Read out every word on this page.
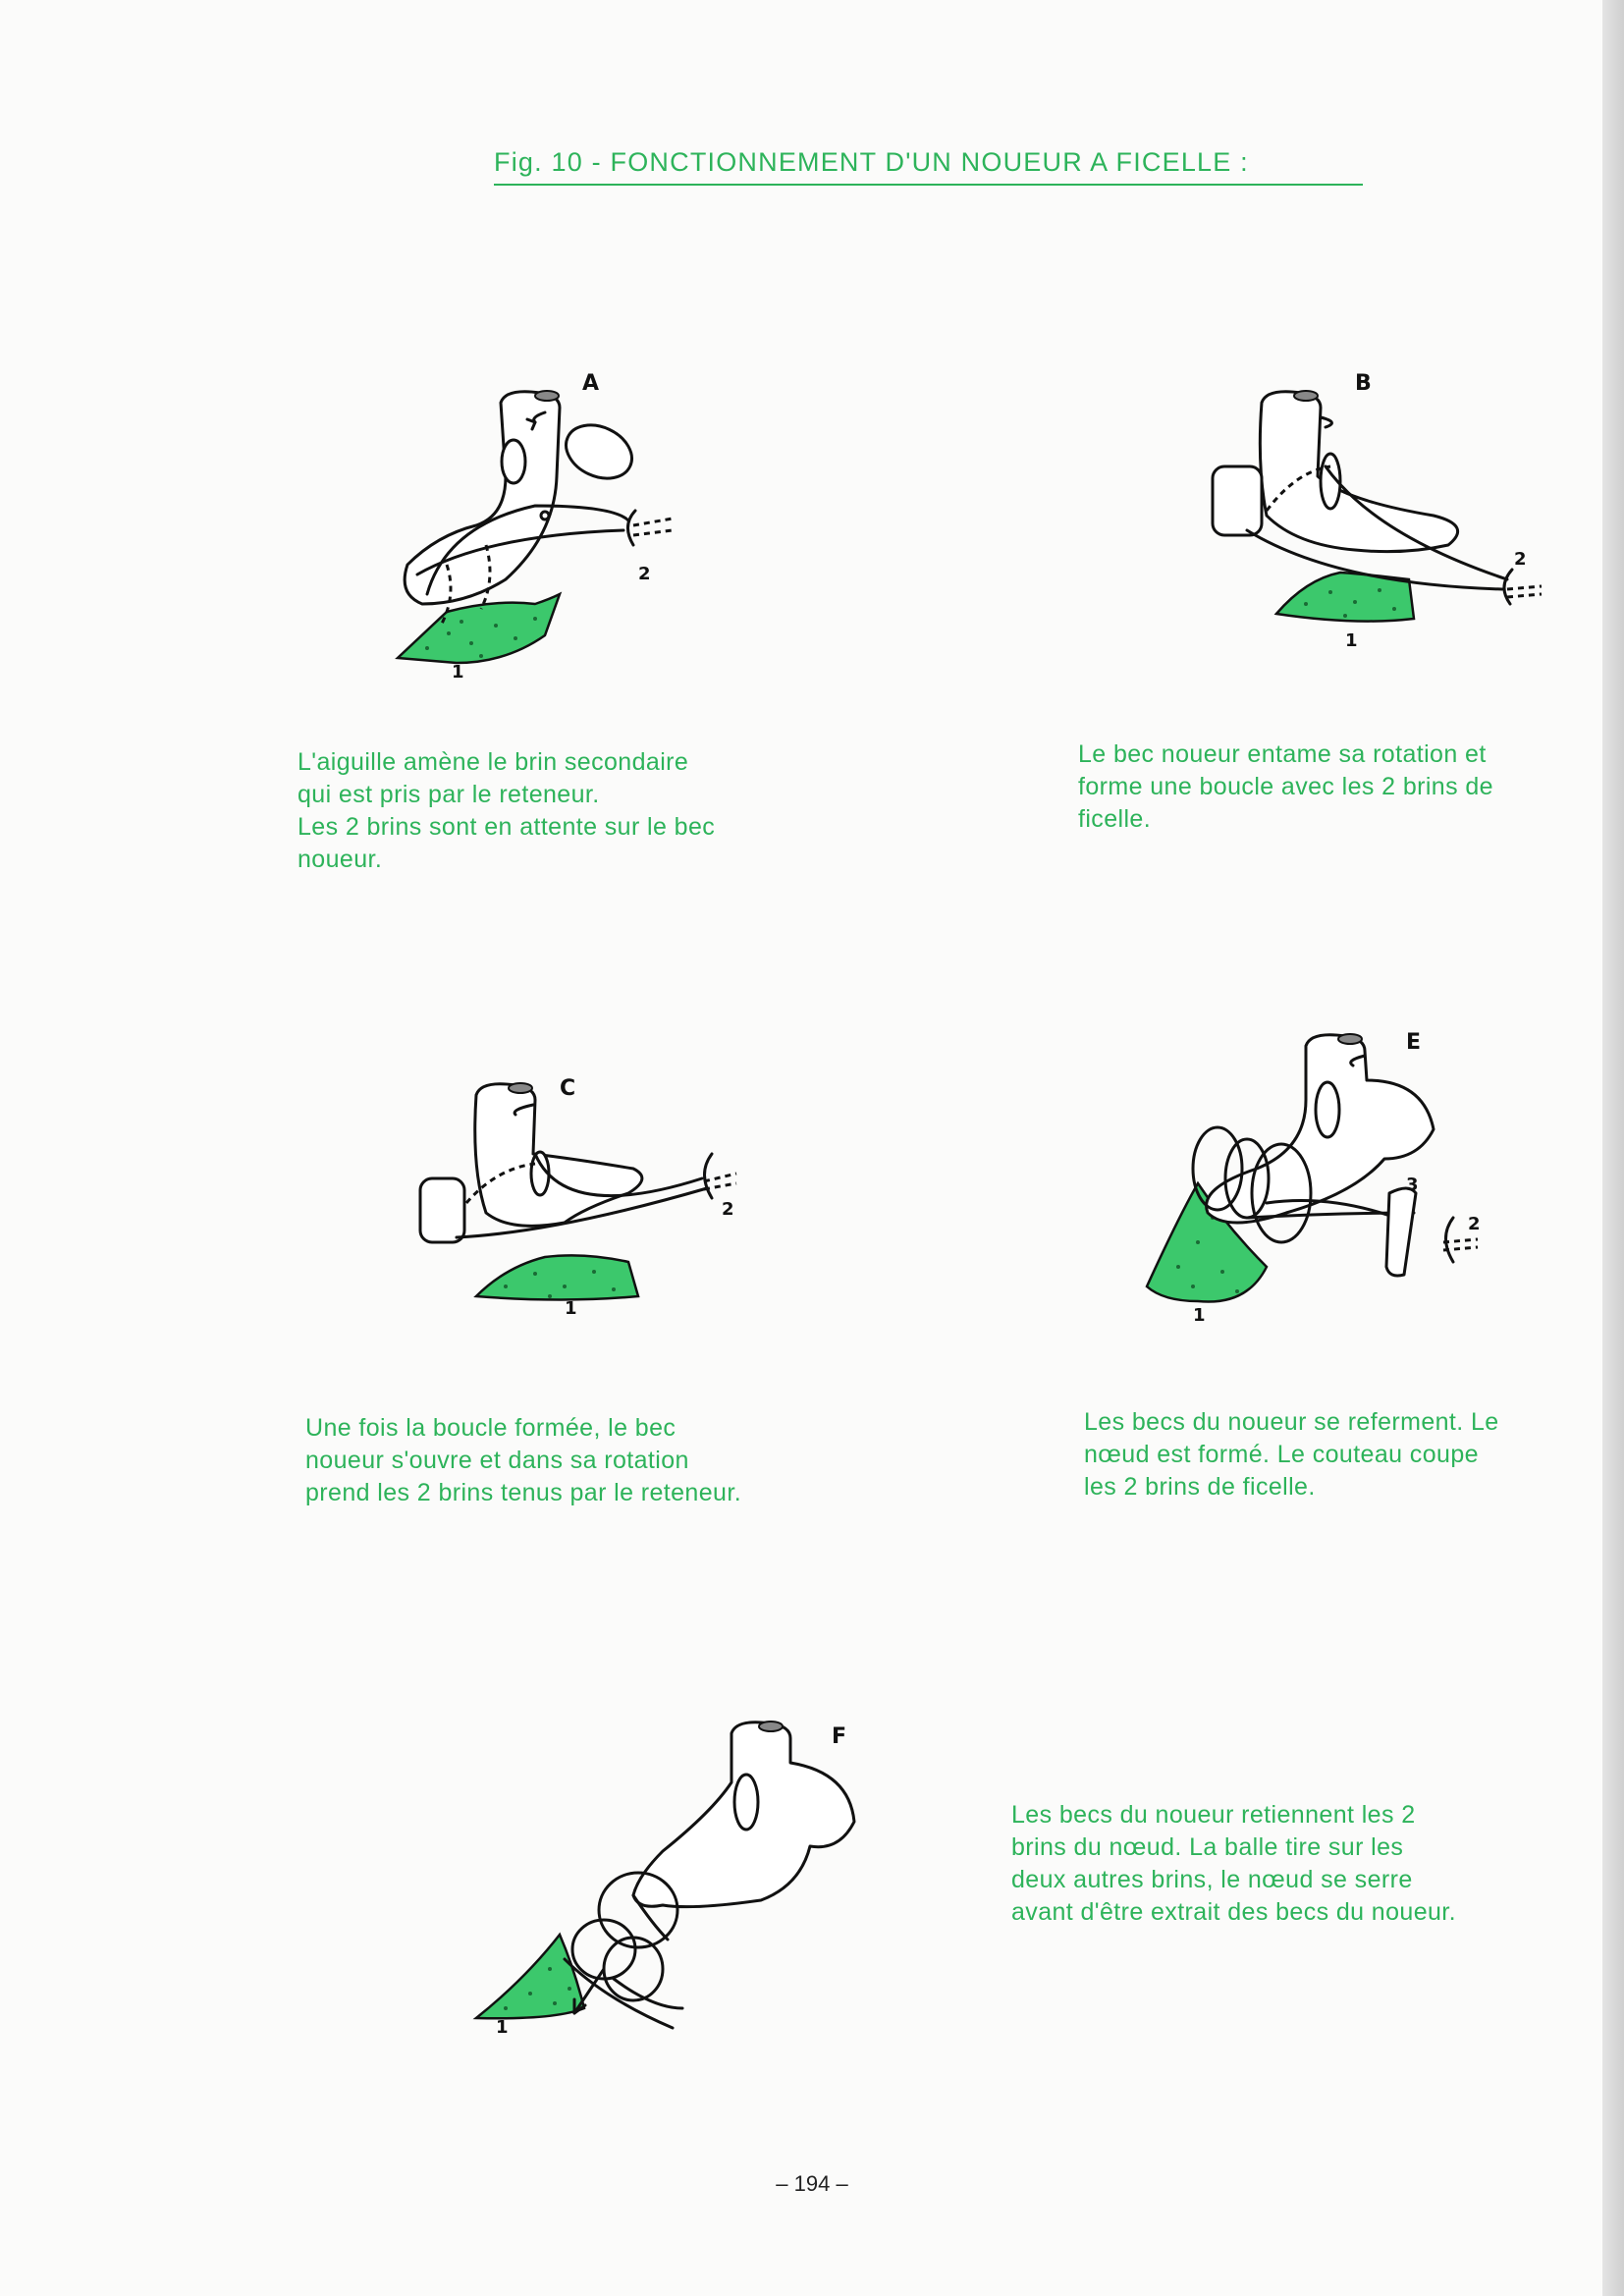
Fig. 10 - FONCTIONNEMENT D'UN NOUEUR A FICELLE :
A
2
1

L'aiguille amène le brin secondaire

qui est pris par le reteneur.

Les 2 brins sont en attente sur le bec

noueur.

B
2
1

Le bec noueur entame sa rotation et

forme une boucle avec les 2 brins de

ficelle.

C
2
1

Une fois la boucle formée, le bec

noueur s'ouvre et dans sa rotation

prend les 2 brins tenus par le reteneur.

E
3
2
1

Les becs du noueur se referment. Le

nœud est formé. Le couteau coupe

les 2 brins de ficelle.

F
1

Les becs du noueur retiennent les 2

brins du nœud. La balle tire sur les

deux autres brins, le nœud se serre

avant d'être extrait des becs du noueur.

– 194 –
